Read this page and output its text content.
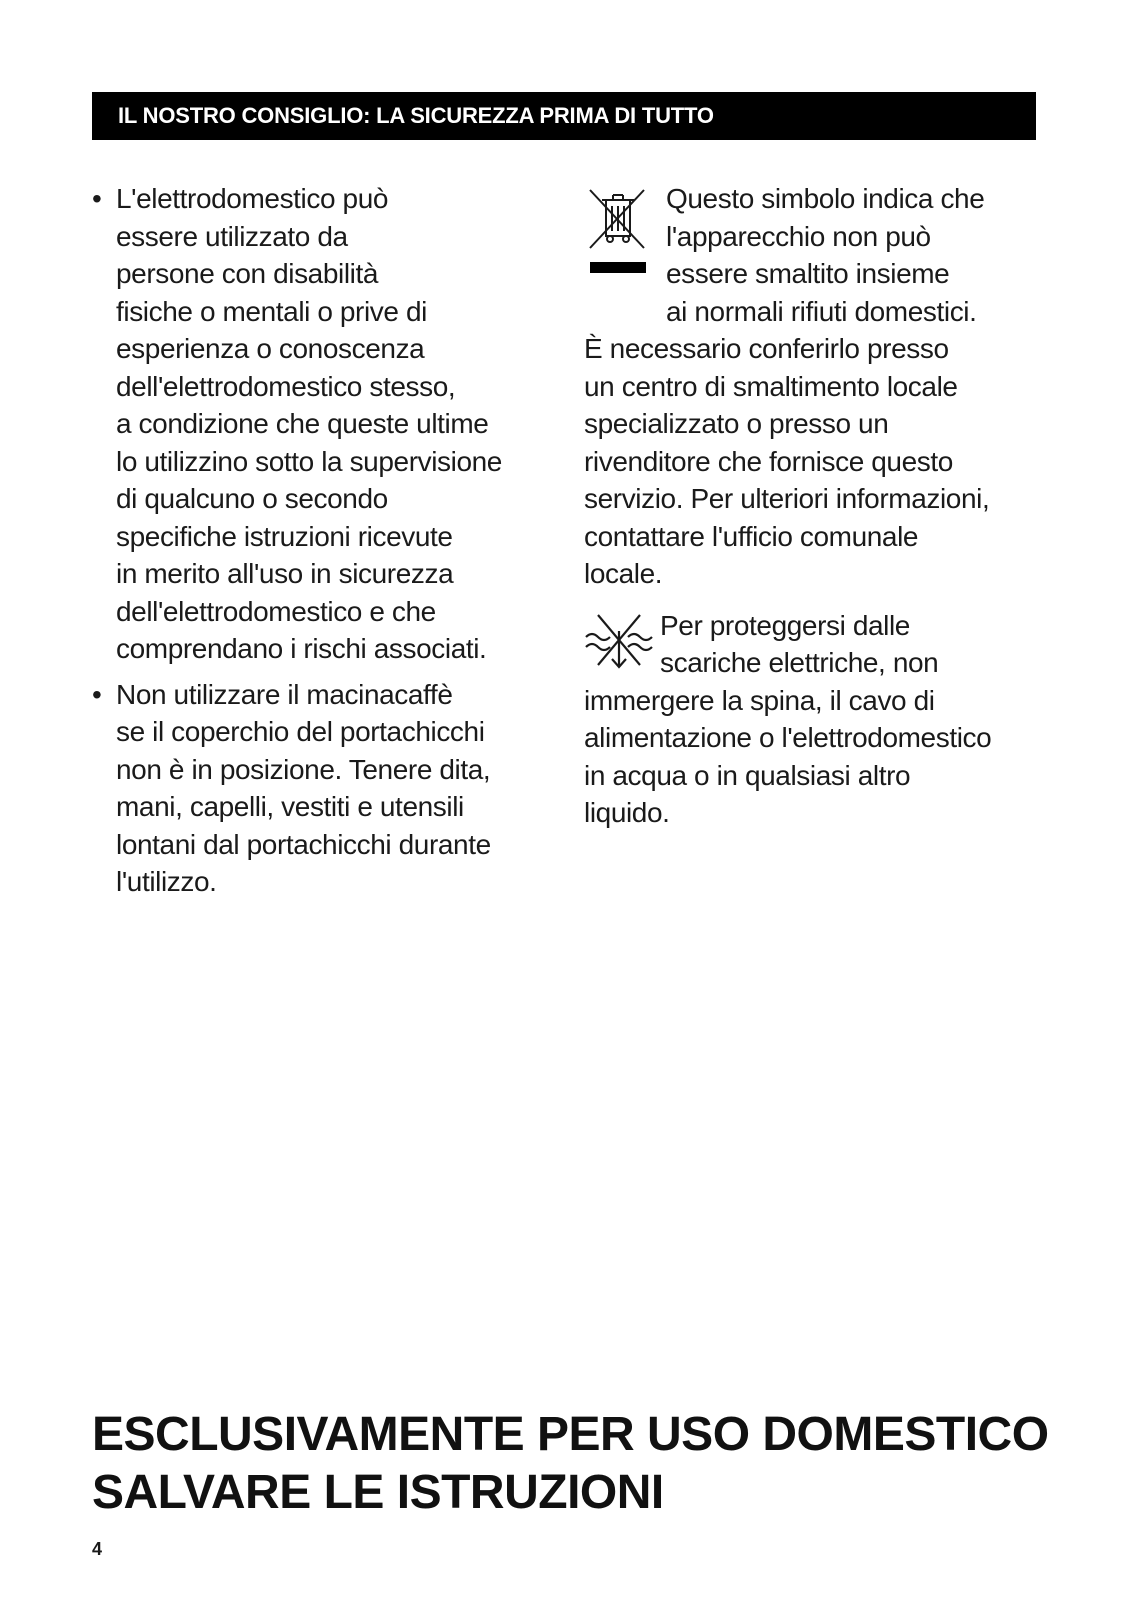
IL NOSTRO CONSIGLIO: LA SICUREZZA PRIMA DI TUTTO
• L'elettrodomestico può
essere utilizzato da
persone con disabilità
fisiche o mentali o prive di
esperienza o conoscenza
dell'elettrodomestico stesso,
a condizione che queste ultime
lo utilizzino sotto la supervisione
di qualcuno o secondo
specifiche istruzioni ricevute
in merito all'uso in sicurezza
dell'elettrodomestico e che
comprendano i rischi associati.
• Non utilizzare il macinacaffè
se il coperchio del portachicchi
non è in posizione. Tenere dita,
mani, capelli, vestiti e utensili
lontani dal portachicchi durante
l'utilizzo.
Questo simbolo indica che
l'apparecchio non può
essere smaltito insieme
ai normali rifiuti domestici.
È necessario conferirlo presso
un centro di smaltimento locale
specializzato o presso un
rivenditore che fornisce questo
servizio. Per ulteriori informazioni,
contattare l'ufficio comunale
locale.
Per proteggersi dalle
scariche elettriche, non
immergere la spina, il cavo di
alimentazione o l'elettrodomestico
in acqua o in qualsiasi altro
liquido.
ESCLUSIVAMENTE PER USO DOMESTICO
SALVARE LE ISTRUZIONI
4
